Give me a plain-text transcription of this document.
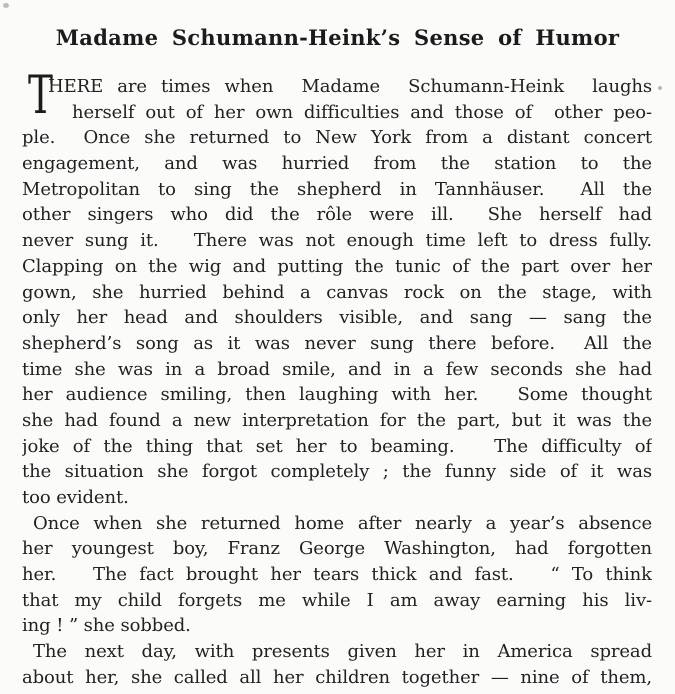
Madame Schumann-Heink’s Sense of Humor
T
HERE are times when  Madame  Schumann-Heink  laughs
herself out of her own difficulties and those of  other peo-
ple.  Once she returned to New York from a distant concert
engagement, and was hurried from the station to the
Metropolitan to sing the shepherd in Tannhäuser.  All the
other singers who did the rôle were ill.  She herself had
never sung it.   There was not enough time left to dress fully.
Clapping on the wig and putting the tunic of the part over her
gown, she hurried behind a canvas rock on the stage, with
only her head and shoulders visible, and sang — sang the
shepherd’s song as it was never sung there before.  All the
time she was in a broad smile, and in a few seconds she had
her audience smiling, then laughing with her.   Some thought
she had found a new interpretation for the part, but it was the
joke of the thing that set her to beaming.   The difficulty of
the situation she forgot completely ; the funny side of it was
too evident.
Once when she returned home after nearly a year’s absence
her youngest boy, Franz George Washington, had forgotten
her.   The fact brought her tears thick and fast.   “ To think
that my child forgets me while I am away earning his liv-
ing ! ” she sobbed.
The next day, with presents given her in America spread
about her, she called all her children together — nine of them,
